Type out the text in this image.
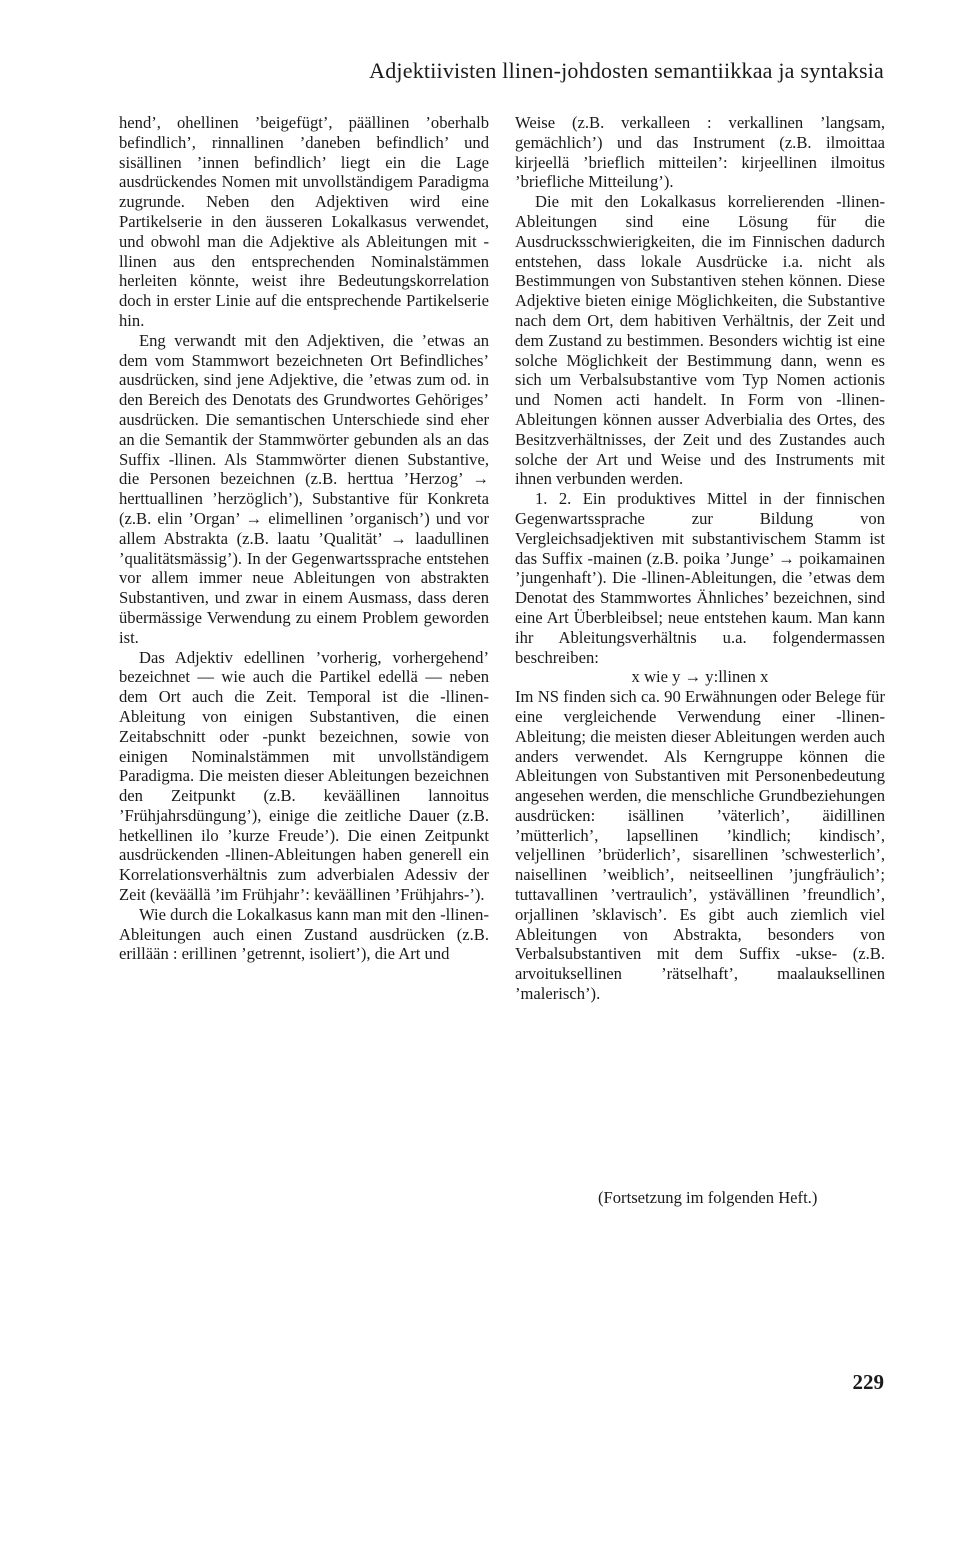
Adjektiivisten llinen-johdosten semantiikkaa ja syntaksia

hend’, ohellinen ’beigefügt’, päällinen ’oberhalb befindlich’, rinnallinen ’daneben befindlich’ und sisällinen ’innen befindlich’ liegt ein die Lage ausdrückendes Nomen mit unvollständigem Paradigma zugrunde. Neben den Adjektiven wird eine Partikelserie in den äusseren Lokalkasus verwendet, und obwohl man die Adjektive als Ableitungen mit -llinen aus den entsprechenden Nominalstämmen herleiten könnte, weist ihre Bedeutungskorrelation doch in erster Linie auf die entsprechende Partikelserie hin.

Eng verwandt mit den Adjektiven, die ’etwas an dem vom Stammwort bezeichneten Ort Befindliches’ ausdrücken, sind jene Adjektive, die ’etwas zum od. in den Bereich des Denotats des Grundwortes Gehöriges’ ausdrücken. Die semantischen Unterschiede sind eher an die Semantik der Stammwörter gebunden als an das Suffix -llinen. Als Stammwörter dienen Substantive, die Personen bezeichnen (z.B. herttua ’Herzog’ → herttuallinen ’herzöglich’), Substantive für Konkreta (z.B. elin ’Organ’ → elimellinen ’organisch’) und vor allem Abstrakta (z.B. laatu ’Qualität’ → laadullinen ’qualitätsmässig’). In der Gegenwartssprache entstehen vor allem immer neue Ableitungen von abstrakten Substantiven, und zwar in einem Ausmass, dass deren übermässige Verwendung zu einem Problem geworden ist.

Das Adjektiv edellinen ’vorherig, vorhergehend’ bezeichnet — wie auch die Partikel edellä — neben dem Ort auch die Zeit. Temporal ist die -llinen-Ableitung von einigen Substantiven, die einen Zeitabschnitt oder -punkt bezeichnen, sowie von einigen Nominalstämmen mit unvollständigem Paradigma. Die meisten dieser Ableitungen bezeichnen den Zeitpunkt (z.B. keväällinen lannoitus ’Frühjahrsdüngung’), einige die zeitliche Dauer (z.B. hetkellinen ilo ’kurze Freude’). Die einen Zeitpunkt ausdrückenden -llinen-Ableitungen haben generell ein Korrelationsverhältnis zum adverbialen Adessiv der Zeit (keväällä ’im Frühjahr’: keväällinen ’Frühjahrs-’).

Wie durch die Lokalkasus kann man mit den -llinen-Ableitungen auch einen Zustand ausdrücken (z.B. erillään : erillinen ’getrennt, isoliert’), die Art und

Weise (z.B. verkalleen : verkallinen ’langsam, gemächlich’) und das Instrument (z.B. ilmoittaa kirjeellä ’brieflich mitteilen’: kirjeellinen ilmoitus ’briefliche Mitteilung’).

Die mit den Lokalkasus korrelierenden -llinen-Ableitungen sind eine Lösung für die Ausdrucksschwierigkeiten, die im Finnischen dadurch entstehen, dass lokale Ausdrücke i.a. nicht als Bestimmungen von Substantiven stehen können. Diese Adjektive bieten einige Möglichkeiten, die Substantive nach dem Ort, dem habitiven Verhältnis, der Zeit und dem Zustand zu bestimmen. Besonders wichtig ist eine solche Möglichkeit der Bestimmung dann, wenn es sich um Verbalsubstantive vom Typ Nomen actionis und Nomen acti handelt. In Form von -llinen-Ableitungen können ausser Adverbialia des Ortes, des Besitzverhältnisses, der Zeit und des Zustandes auch solche der Art und Weise und des Instruments mit ihnen verbunden werden.

1. 2. Ein produktives Mittel in der finnischen Gegenwartssprache zur Bildung von Vergleichsadjektiven mit substantivischem Stamm ist das Suffix -mainen (z.B. poika ’Junge’ → poikamainen ’jungenhaft’). Die -llinen-Ableitungen, die ’etwas dem Denotat des Stammwortes Ähnliches’ bezeichnen, sind eine Art Überbleibsel; neue entstehen kaum. Man kann ihr Ableitungsverhältnis u.a. folgendermassen beschreiben:

x wie y → y:llinen x

Im NS finden sich ca. 90 Erwähnungen oder Belege für eine vergleichende Verwendung einer -llinen-Ableitung; die meisten dieser Ableitungen werden auch anders verwendet. Als Kerngruppe können die Ableitungen von Substantiven mit Personenbedeutung angesehen werden, die menschliche Grundbeziehungen ausdrücken: isällinen ’väterlich’, äidillinen ’mütterlich’, lapsellinen ’kindlich; kindisch’, veljellinen ’brüderlich’, sisarellinen ’schwesterlich’, naisellinen ’weiblich’, neitseellinen ’jungfräulich’; tuttavallinen ’vertraulich’, ystävällinen ’freundlich’, orjallinen ’sklavisch’. Es gibt auch ziemlich viel Ableitungen von Abstrakta, besonders von Verbalsubstantiven mit dem Suffix -ukse- (z.B. arvoituksellinen ’rätselhaft’, maalauksellinen ’malerisch’).

(Fortsetzung im folgenden Heft.)
229
